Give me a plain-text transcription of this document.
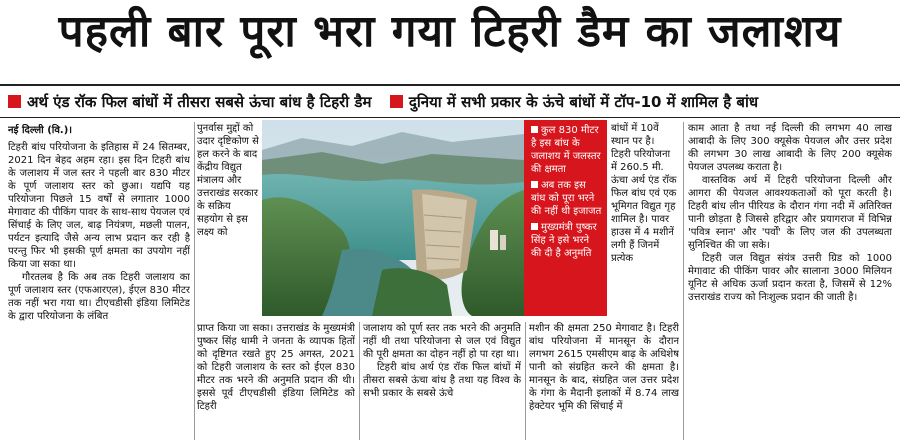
पहली बार पूरा भरा गया टिहरी डैम का जलाशय
अर्थ एंड रॉक फिल बांधों में तीसरा सबसे ऊंचा बांध है टिहरी डैम दुनिया में सभी प्रकार के ऊंचे बांधों में टॉप-10 में शामिल है बांध

नई दिल्ली (वि.)।

टिहरी बांध परियोजना के इतिहास में 24 सितम्बर, 2021 दिन बेहद अहम रहा। इस दिन टिहरी बांध के जलाशय में जल स्तर ने पहली बार 830 मीटर के पूर्ण जलाशय स्तर को छुआ। यद्यपि यह परियोजना पिछले 15 वर्षों से लगातार 1000 मेगावाट की पीकिंग पावर के साथ-साथ पेयजल एवं सिंचाई के लिए जल, बाढ़ नियंत्रण, मछली पालन, पर्यटन इत्यादि जैसे अन्य लाभ प्रदान कर रही है परन्तु फिर भी इसकी पूर्ण क्षमता का उपयोग नहीं किया जा सका था।

गौरतलब है कि अब तक टिहरी जलाशय का पूर्ण जलाशय स्तर (एफआरएल), ईएल 830 मीटर तक नहीं भरा गया था। टीएचडीसी इंडिया लिमिटेड के द्वारा परियोजना के लंबित

पुनर्वास मुद्दों को उदार दृष्टिकोण से हल करने के बाद केंद्रीय विद्युत मंत्रालय और उत्तराखंड सरकार के सक्रिय सहयोग से इस लक्ष्य को

कुल 830 मीटर है इस बांध के जलाशय में जलस्तर की क्षमता
अब तक इस बांध को पूरा भरने की नहीं थी इजाजत
मुख्यमंत्री पुष्कर सिंह ने इसे भरने की दी है अनुमति

बांधों में 10वें स्थान पर है। टिहरी परियोजना में 260.5 मी. ऊंचा अर्थ एंड रॉक फिल बांध एवं एक भूमिगत विद्युत गृह शामिल है। पावर हाउस में 4 मशीनें लगी हैं जिनमें प्रत्येक

प्राप्त किया जा सका। उत्तराखंड के मुख्यमंत्री पुष्कर सिंह धामी ने जनता के व्यापक हितों को दृष्टिगत रखते हुए 25 अगस्त, 2021 को टिहरी जलाशय के स्तर को ईएल 830 मीटर तक भरने की अनुमति प्रदान की थी। इससे पूर्व टीएचडीसी इंडिया लिमिटेड को टिहरी

जलाशय को पूर्ण स्तर तक भरने की अनुमति नहीं थी तथा परियोजना से जल एवं विद्युत की पूरी क्षमता का दोहन नहीं हो पा रहा था।

टिहरी बांध अर्थ एंड रॉक फिल बांधों में तीसरा सबसे ऊंचा बांध है तथा यह विश्व के सभी प्रकार के सबसे ऊंचे

मशीन की क्षमता 250 मेगावाट है। टिहरी बांध परियोजना में मानसून के दौरान लगभग 2615 एमसीएम बाढ़ के अधिशेष पानी को संग्रहित करने की क्षमता है। मानसून के बाद, संग्रहित जल उत्तर प्रदेश के गंगा के मैदानी इलाकों में 8.74 लाख हेक्टेयर भूमि की सिंचाई में

काम आता है तथा नई दिल्ली की लगभग 40 लाख आबादी के लिए 300 क्यूसेक पेयजल और उत्तर प्रदेश की लगभग 30 लाख आबादी के लिए 200 क्यूसेक पेयजल उपलब्ध कराता है।

वास्तविक अर्थ में टिहरी परियोजना दिल्ली और आगरा की पेयजल आवश्यकताओं को पूरा करती है। टिहरी बांध लीन पीरियड के दौरान गंगा नदी में अतिरिक्त पानी छोड़ता है जिससे हरिद्वार और प्रयागराज में विभिन्न 'पवित्र स्नान' और 'पर्वों' के लिए जल की उपलब्धता सुनिश्चित की जा सके।

टिहरी जल विद्युत संयंत्र उत्तरी ग्रिड को 1000 मेगावाट की पीकिंग पावर और सालाना 3000 मिलियन यूनिट से अधिक ऊर्जा प्रदान करता है, जिसमें से 12% उत्तराखंड राज्य को निःशुल्क प्रदान की जाती है।
